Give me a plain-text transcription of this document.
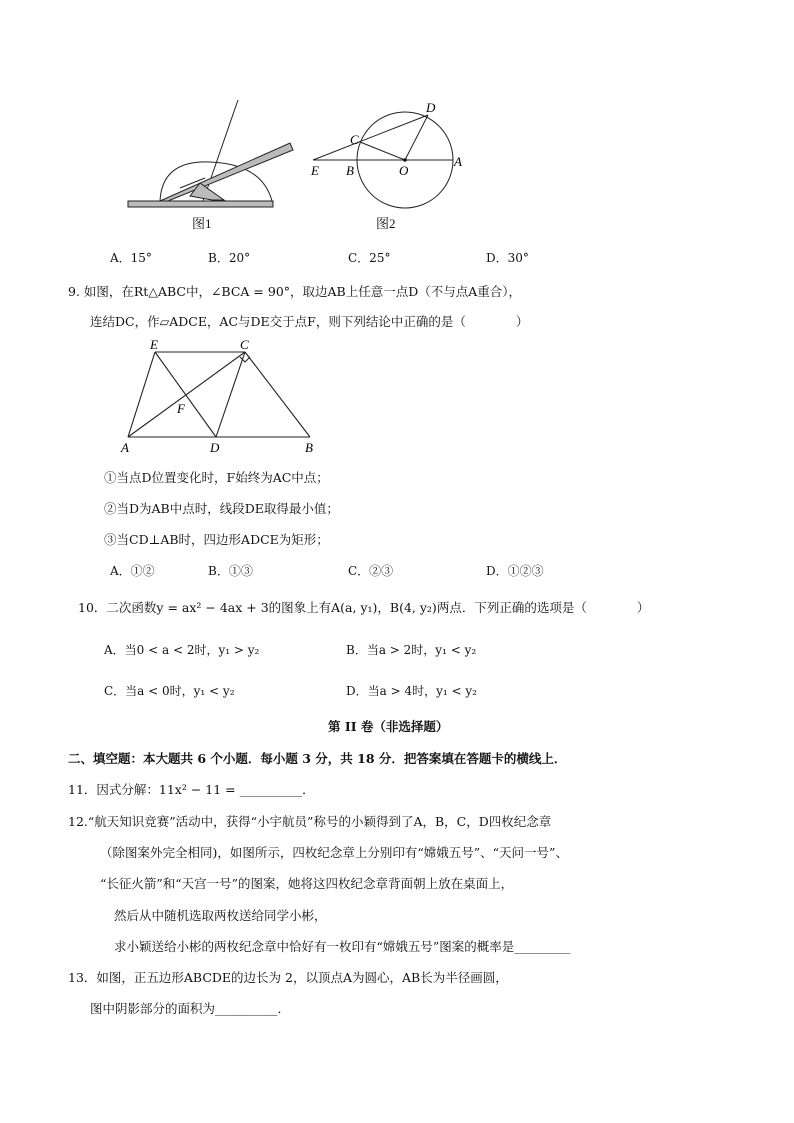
图1
D
C
E B	O
A
图2
A．15°	B．20°	C．25°	D．30°
9. 如图，在Rt△ABC中，∠BCA = 90°，取边AB上任意一点D（不与点A重合），
连结DC，作▱ADCE，AC与DE交于点F，则下列结论中正确的是（　　　　）
E	C
F
A	D	B
①当点D位置变化时，F始终为AC中点；
②当D为AB中点时，线段DE取得最小值；
③当CD⊥AB时，四边形ADCE为矩形；
A．①②	B．①③	C．②③	D．①②③
10．二次函数y = ax² − 4ax + 3的图象上有A(a, y₁)，B(4, y₂)两点．下列正确的选项是（　　　　）
A．当0 < a < 2时，y₁ > y₂	B．当a > 2时，y₁ < y₂
C．当a < 0时，y₁ < y₂	D．当a > 4时，y₁ < y₂
第 II 卷（非选择题）
二、填空题：本大题共 6 个小题．每小题 3 分，共 18 分．把答案填在答题卡的横线上．
11．因式分解：11x² − 11 = __________．
12.“航天知识竞赛”活动中，获得“小宇航员”称号的小颖得到了A，B，C，D四枚纪念章
（除图案外完全相同)，如图所示，四枚纪念章上分别印有“嫦娥五号”、“天问一号”、
“长征火箭”和“天宫一号”的图案，她将这四枚纪念章背面朝上放在桌面上，
然后从中随机选取两枚送给同学小彬，
求小颖送给小彬的两枚纪念章中恰好有一枚印有“嫦娥五号”图案的概率是_________
13．如图，正五边形ABCDE的边长为 2，以顶点A为圆心，AB长为半径画圆，
图中阴影部分的面积为__________．
